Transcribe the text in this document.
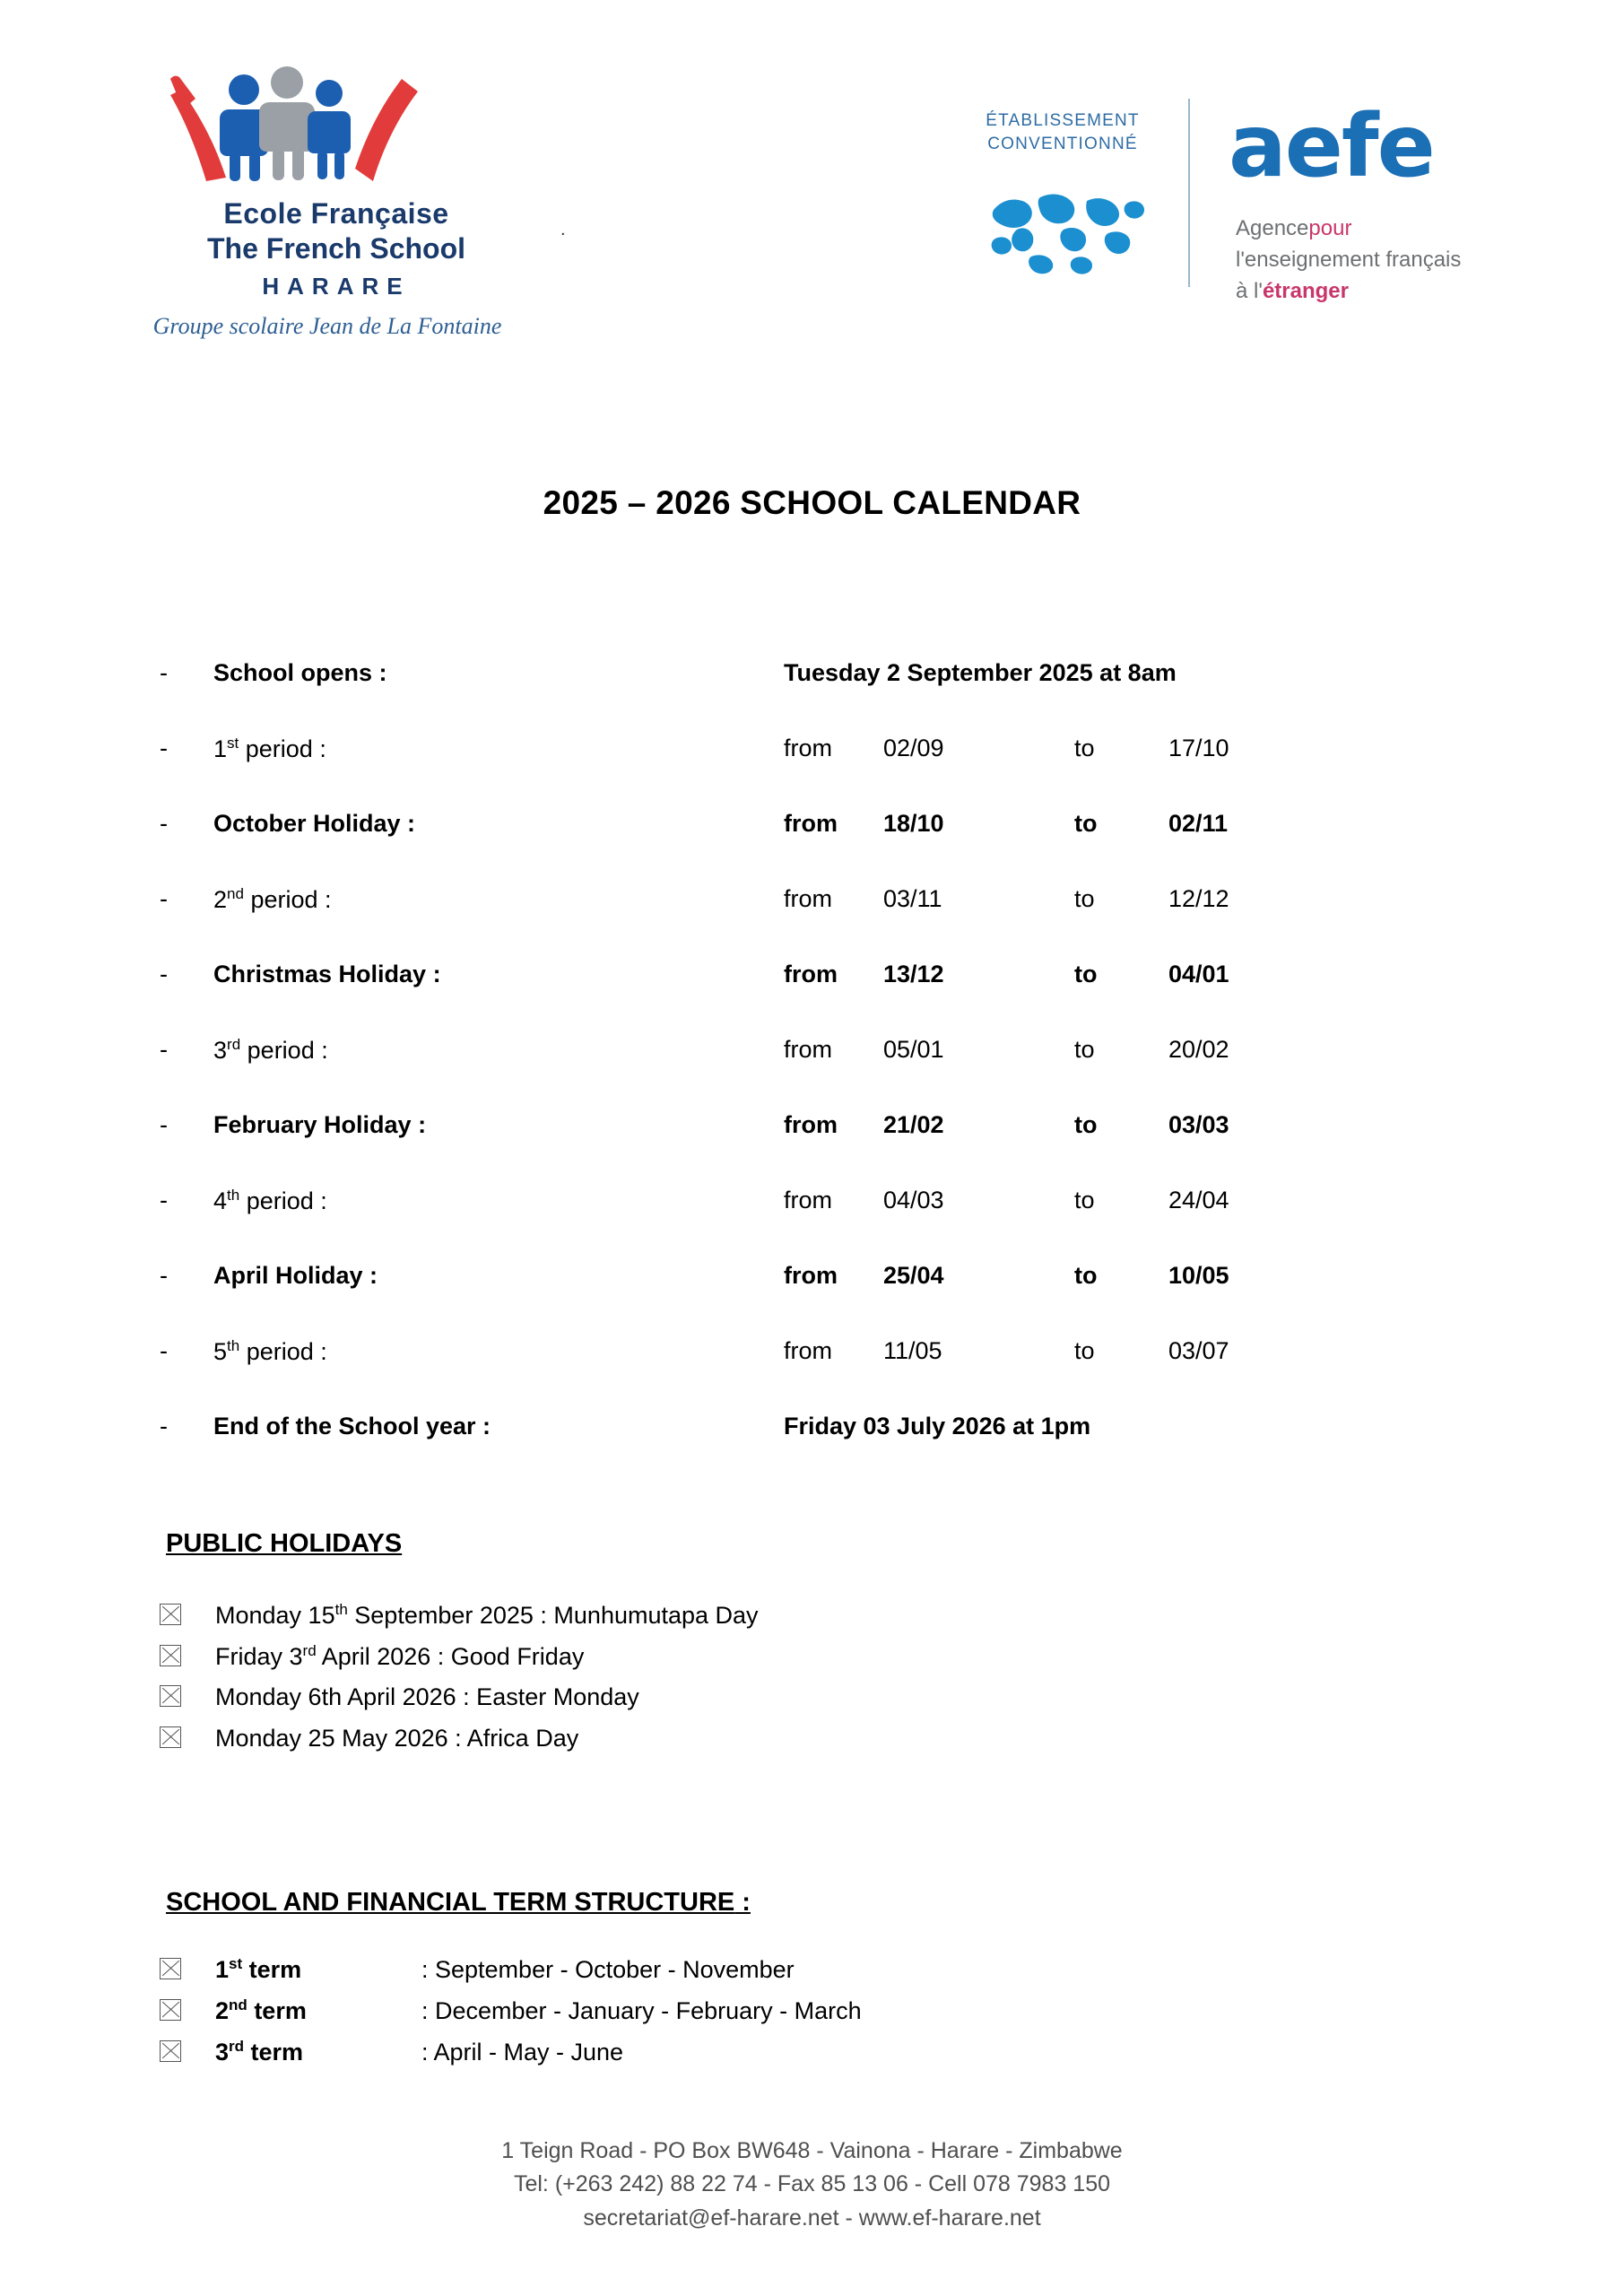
Ecole Française
The French School
HARARE
Groupe scolaire Jean de La Fontaine
.
ÉTABLISSEMENT
CONVENTIONNÉ aefe
Agencepour
l'enseignement français
à l'étranger
2025 – 2026 SCHOOL CALENDAR
- School opens :	Tuesday 2 September 2025 at 8am
- 1st period :	from 02/09	to	17/10
- October Holiday :	from 18/10	to	02/11
- 2nd period :	from 03/11	to	12/12
- Christmas Holiday :	from 13/12	to	04/01
- 3rd period :	from 05/01	to	20/02
- February Holiday :	from 21/02	to	03/03
- 4th period :	from 04/03	to	24/04
- April Holiday :	from 25/04	to	10/05
- 5th period :	from 11/05	to	03/07
- End of the School year :	Friday 03 July 2026 at 1pm
PUBLIC HOLIDAYS
Monday 15th September 2025 : Munhumutapa Day
Friday 3rd April 2026 : Good Friday
Monday 6th April 2026 : Easter Monday
Monday 25 May 2026 : Africa Day
SCHOOL AND FINANCIAL TERM STRUCTURE :
1st term	: September - October - November
2nd term	: December - January - February - March
3rd term	: April - May - June
1 Teign Road - PO Box BW648 - Vainona - Harare - Zimbabwe
Tel: (+263 242) 88 22 74 - Fax 85 13 06 - Cell 078 7983 150
secretariat@ef-harare.net - www.ef-harare.net
